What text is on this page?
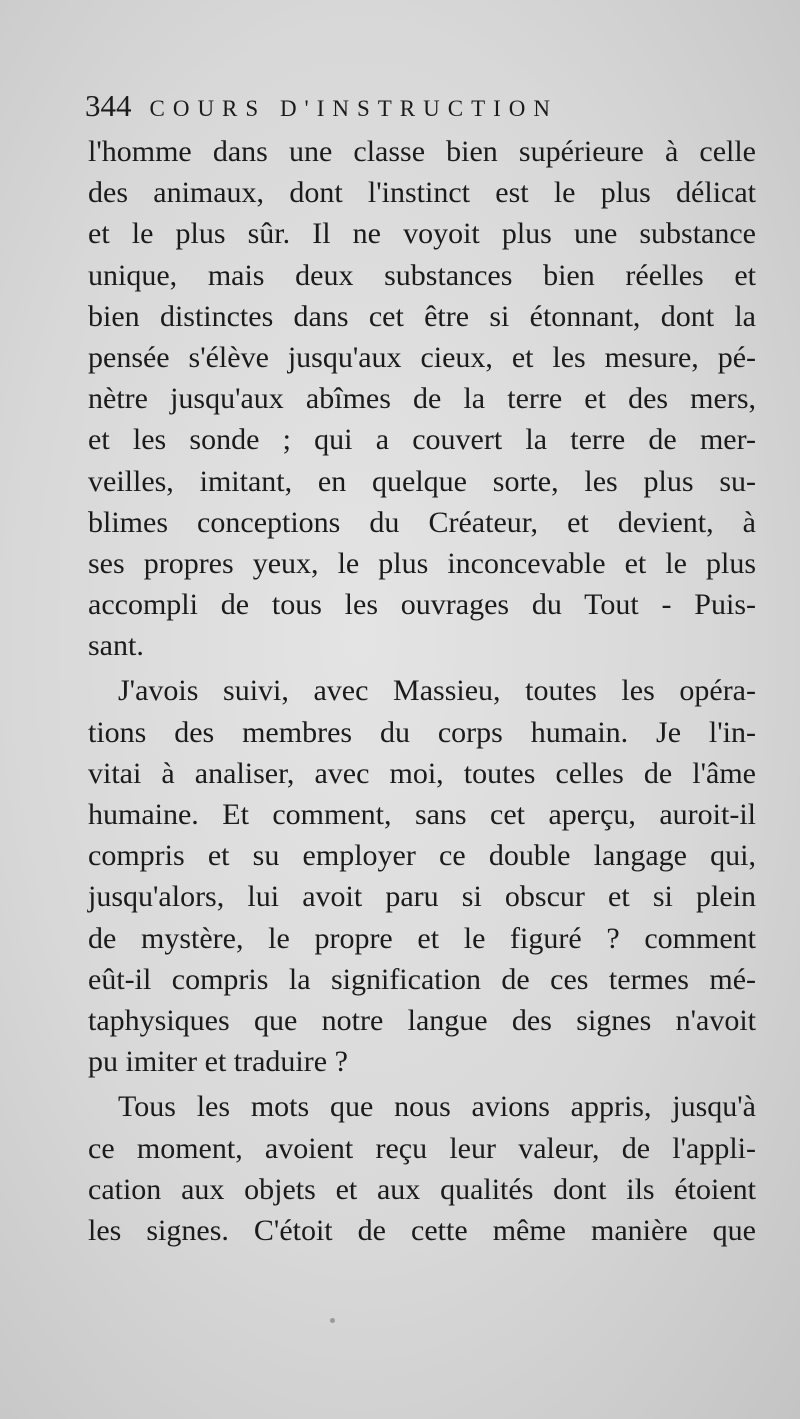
344 COURS D'INSTRUCTION
l'homme dans une classe bien supérieure à celle
des animaux, dont l'instinct est le plus délicat
et le plus sûr. Il ne voyoit plus une substance
unique, mais deux substances bien réelles et
bien distinctes dans cet être si étonnant, dont la
pensée s'élève jusqu'aux cieux, et les mesure, pé-
nètre jusqu'aux abîmes de la terre et des mers,
et les sonde ; qui a couvert la terre de mer-
veilles, imitant, en quelque sorte, les plus su-
blimes conceptions du Créateur, et devient, à
ses propres yeux, le plus inconcevable et le plus
accompli de tous les ouvrages du Tout - Puis-
sant.
J'avois suivi, avec Massieu, toutes les opéra-
tions des membres du corps humain. Je l'in-
vitai à analiser, avec moi, toutes celles de l'âme
humaine. Et comment, sans cet aperçu, auroit-il
compris et su employer ce double langage qui,
jusqu'alors, lui avoit paru si obscur et si plein
de mystère, le propre et le figuré ? comment
eût-il compris la signification de ces termes mé-
taphysiques que notre langue des signes n'avoit
pu imiter et traduire ?
Tous les mots que nous avions appris, jusqu'à
ce moment, avoient reçu leur valeur, de l'appli-
cation aux objets et aux qualités dont ils étoient
les signes. C'étoit de cette même manière que
